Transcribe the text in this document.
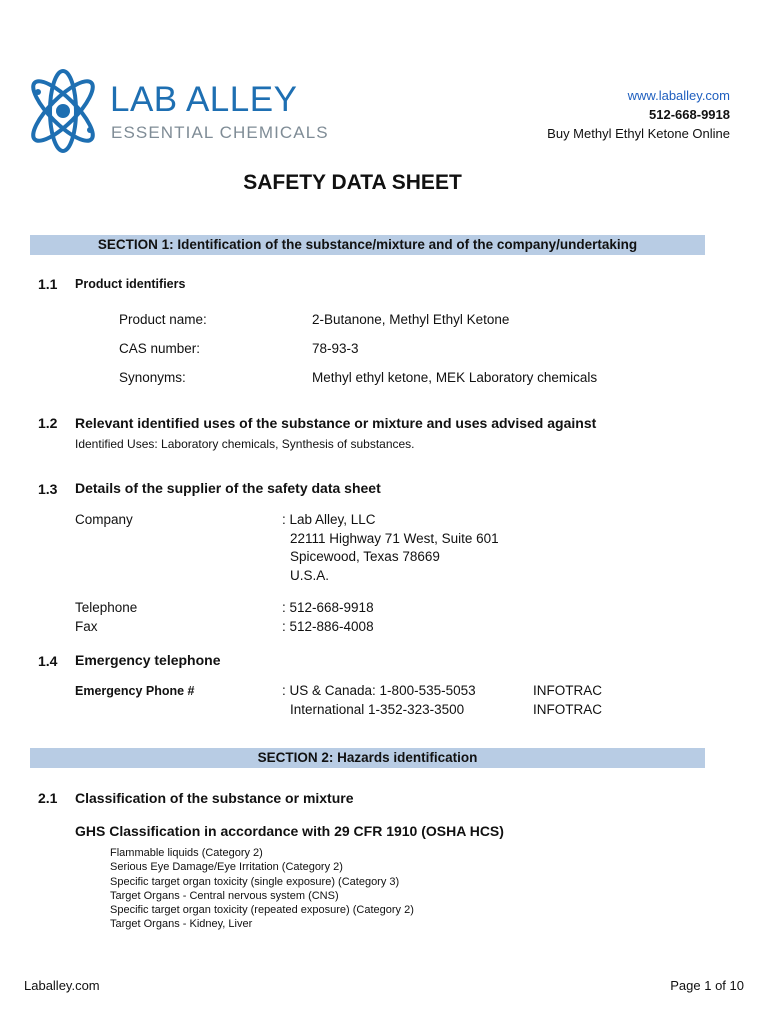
LAB ALLEY
ESSENTIAL CHEMICALS
www.laballey.com
512-668-9918
Buy Methyl Ethyl Ketone Online
SAFETY DATA SHEET
SECTION 1: Identification of the substance/mixture and of the company/undertaking
1.1 Product identifiers
Product name:	2-Butanone, Methyl Ethyl Ketone
CAS number:	78-93-3
Synonyms:	Methyl ethyl ketone, MEK Laboratory chemicals
1.2 Relevant identified uses of the substance or mixture and uses advised against
Identified Uses: Laboratory chemicals, Synthesis of substances.
1.3 Details of the supplier of the safety data sheet
Company	: Lab Alley, LLC
22111 Highway 71 West, Suite 601
Spicewood, Texas 78669
U.S.A.
Telephone	: 512-668-9918
Fax	: 512-886-4008
1.4 Emergency telephone
Emergency Phone #	: US & Canada: 1-800-535-5053	INFOTRAC
International 1-352-323-3500	INFOTRAC
SECTION 2: Hazards identification
2.1 Classification of the substance or mixture
GHS Classification in accordance with 29 CFR 1910 (OSHA HCS)
Flammable liquids (Category 2)
Serious Eye Damage/Eye Irritation (Category 2)
Specific target organ toxicity (single exposure) (Category 3)
Target Organs - Central nervous system (CNS)
Specific target organ toxicity (repeated exposure) (Category 2)
Target Organs - Kidney, Liver
Laballey.com	Page 1 of 10
